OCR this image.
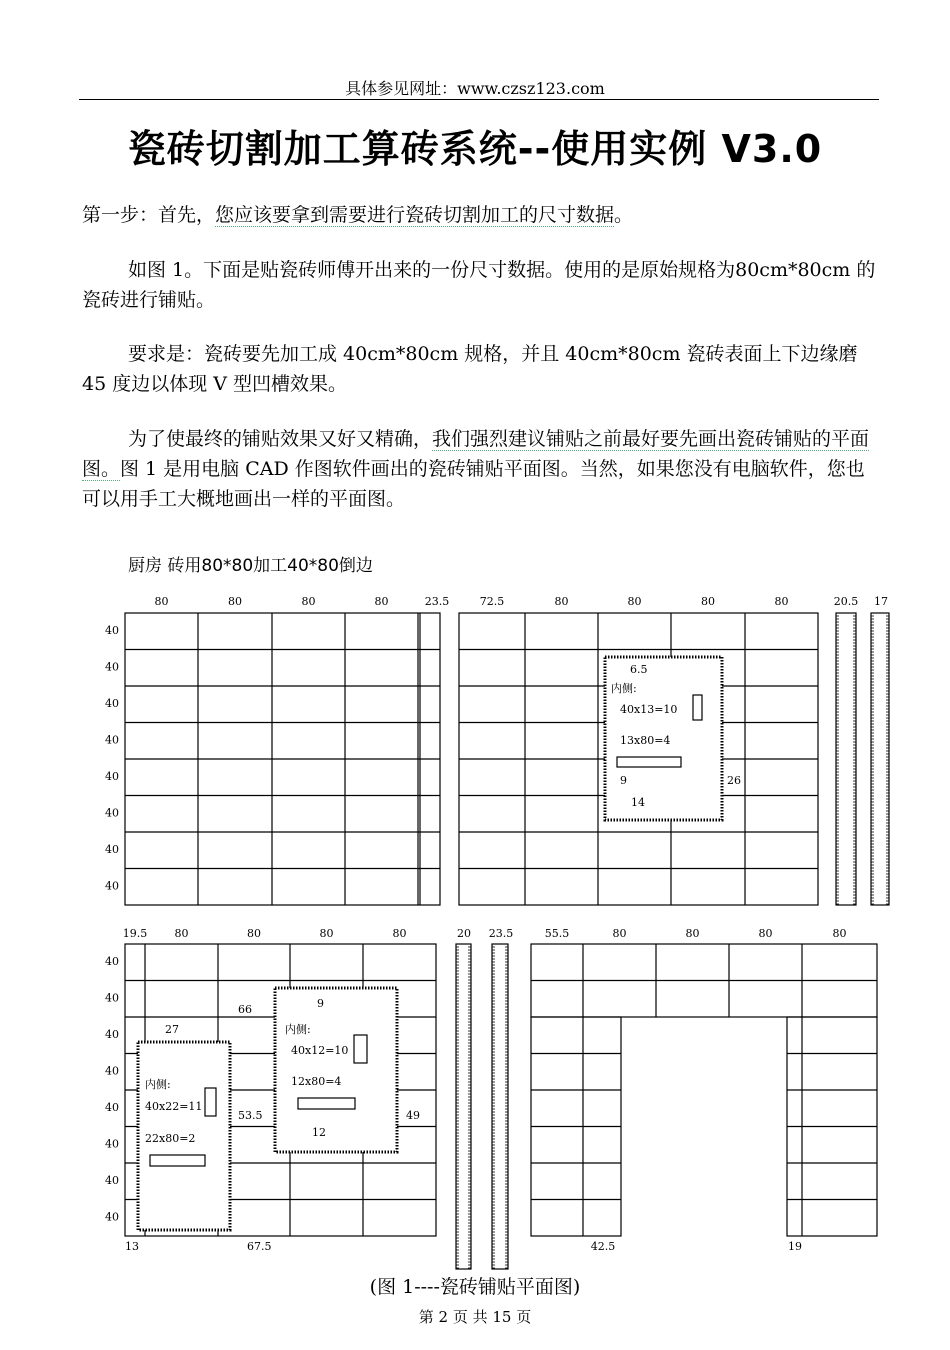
具体参见网址：www.czsz123.com
瓷砖切割加工算砖系统--使用实例 V3.0
第一步：首先，您应该要拿到需要进行瓷砖切割加工的尺寸数据。
如图 1。下面是贴瓷砖师傅开出来的一份尺寸数据。使用的是原始规格为80cm*80cm 的瓷砖进行铺贴。
要求是：瓷砖要先加工成 40cm*80cm 规格，并且 40cm*80cm 瓷砖表面上下边缘磨 45 度边以体现 V 型凹槽效果。
为了使最终的铺贴效果又好又精确，我们强烈建议铺贴之前最好要先画出瓷砖铺贴的平面图。图 1 是用电脑 CAD 作图软件画出的瓷砖铺贴平面图。当然，如果您没有电脑软件，您也可以用手工大概地画出一样的平面图。
厨房 砖用80*80加工40*80倒边
80	80	80	80	23.5
40
40
40
40
40
40
40
40
72.5	80	80	80	80
6.5
内侧:
40x13=10
13x80=4
9	26
14
20.5 17
19.5 80	80	80	80
40
40
40
40
40
40
40
40
27
内侧:
40x22=11
22x80=2
13
9
66
内侧:
40x12=10
12x80=4
12
53.5	49
67.5
20 23.5	55.5	80	80	80	80
42.5	19
(图 1----瓷砖铺贴平面图)
第 2 页 共 15 页
